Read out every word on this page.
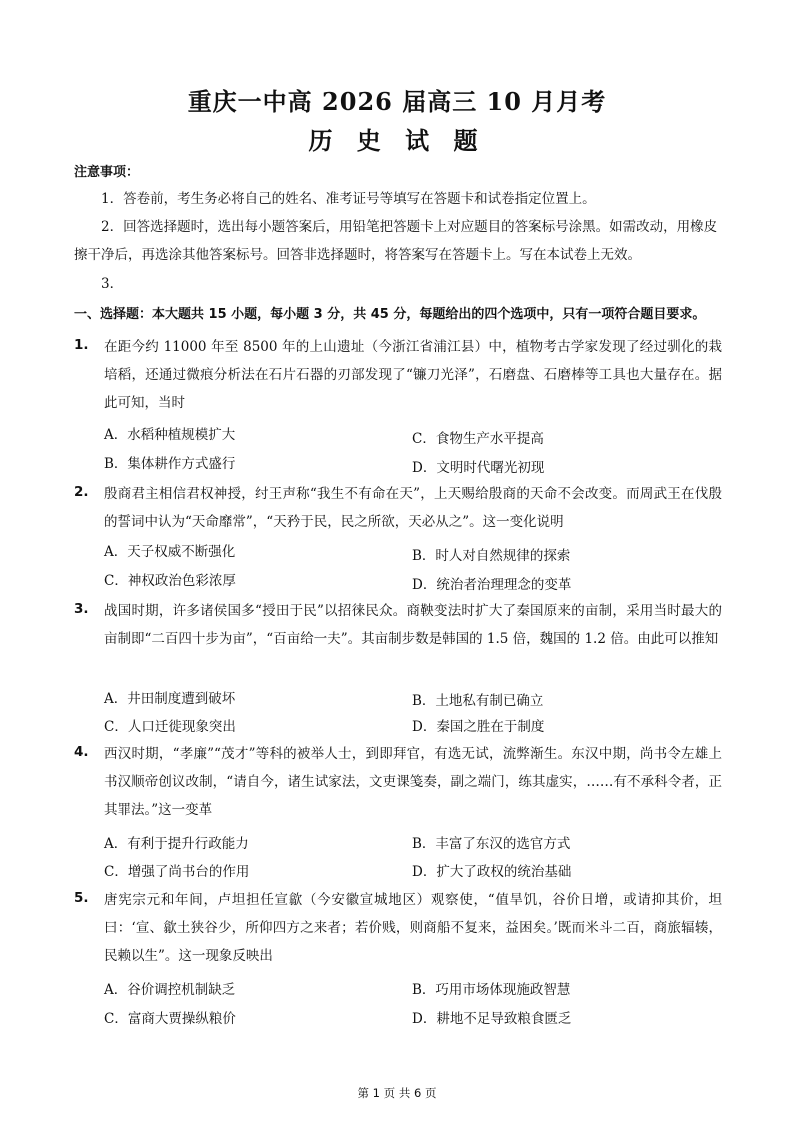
重庆一中高 2026 届高三 10 月月考
历 史 试 题
注意事项：
1．答卷前，考生务必将自己的姓名、准考证号等填写在答题卡和试卷指定位置上。
2．回答选择题时，选出每小题答案后，用铅笔把答题卡上对应题目的答案标号涂黑。如需改动，用橡皮擦干净后，再选涂其他答案标号。回答非选择题时，将答案写在答题卡上。写在本试卷上无效。
3．
一、选择题：本大题共 15 小题，每小题 3 分，共 45 分，每题给出的四个选项中，只有一项符合题目要求。
1. 在距今约 11000 年至 8500 年的上山遗址（今浙江省浦江县）中，植物考古学家发现了经过驯化的栽培稻，还通过微痕分析法在石片石器的刃部发现了“镰刀光泽”，石磨盘、石磨棒等工具也大量存在。据此可知，当时
A．水稻种植规模扩大	C．食物生产水平提高
B．集体耕作方式盛行	D．文明时代曙光初现
2. 殷商君主相信君权神授，纣王声称“我生不有命在天”，上天赐给殷商的天命不会改变。而周武王在伐殷的誓词中认为“天命靡常”，“天矜于民，民之所欲，天必从之”。这一变化说明
A．天子权威不断强化	B．时人对自然规律的探索
C．神权政治色彩浓厚	D．统治者治理理念的变革
3. 战国时期，许多诸侯国多“授田于民”以招徕民众。商鞅变法时扩大了秦国原来的亩制，采用当时最大的亩制即“二百四十步为亩”，“百亩给一夫”。其亩制步数是韩国的 1.5 倍，魏国的 1.2 倍。由此可以推知
A．井田制度遭到破坏	B．土地私有制已确立
C．人口迁徙现象突出	D．秦国之胜在于制度
4. 西汉时期，“孝廉”“茂才”等科的被举人士，到即拜官，有选无试，流弊渐生。东汉中期，尚书令左雄上书汉顺帝创议改制，“请自今，诸生试家法，文吏课笺奏，副之端门，练其虚实，……有不承科令者，正其罪法。”这一变革
A．有利于提升行政能力	B．丰富了东汉的选官方式
C．增强了尚书台的作用	D．扩大了政权的统治基础
5. 唐宪宗元和年间，卢坦担任宣歙（今安徽宣城地区）观察使，“值旱饥，谷价日增，或请抑其价，坦曰：‘宣、歙土狭谷少，所仰四方之来者；若价贱，则商船不复来，益困矣。’既而米斗二百，商旅辐辏，民赖以生”。这一现象反映出
A．谷价调控机制缺乏	B．巧用市场体现施政智慧
C．富商大贾操纵粮价	D．耕地不足导致粮食匮乏
第 1 页 共 6 页
